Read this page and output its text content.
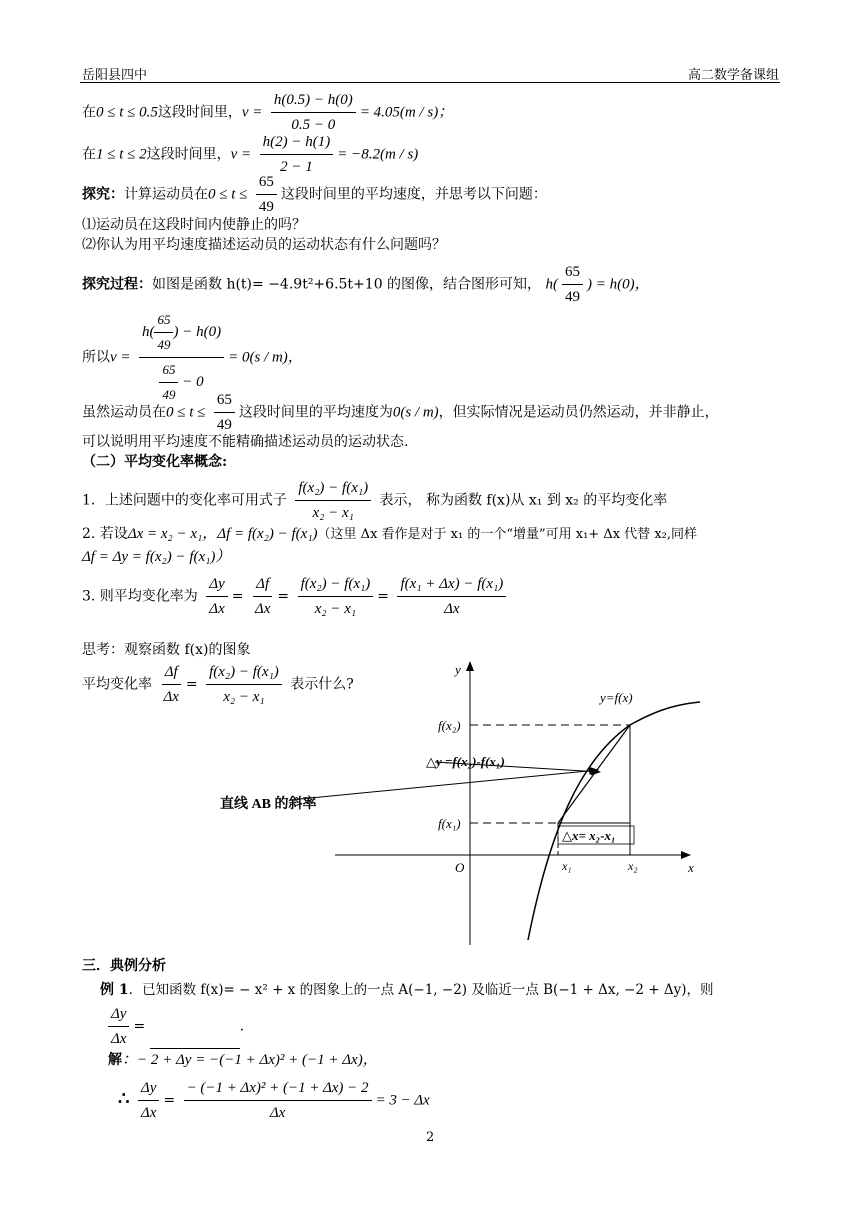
岳阳县四中	高二数学备课组
在0 ≤ t ≤ 0.5这段时间里，$v = \frac{h(0.5) - h(0)}{0.5 - 0} = 4.05(m / s)$；
在1 ≤ t ≤ 2这段时间里，$v = \frac{h(2) - h(1)}{2 - 1} = -8.2(m / s)$
探究：计算运动员在$0 \le t \le \frac{65}{49}$ 这段时间里的平均速度，并思考以下问题：
⑴运动员在这段时间内使静止的吗？
⑵你认为用平均速度描述运动员的运动状态有什么问题吗？
探究过程：如图是函数 h(t)= −4.9t²+6.5t+10 的图像，结合图形可知， $h( \frac{65}{49}$ ) = h(0)，
所以$v = \frac{h( \frac{65}{49} ) - h(0)}{\frac{65}{49} - 0} = 0(s / m)$，
虽然运动员在$0 \le t \le \frac{65}{49}$ 这段时间里的平均速度为0(s / m)，但实际情况是运动员仍然运动，并非静止，
可以说明用平均速度不能精确描述运动员的运动状态.
（二）平均变化率概念:
1．上述问题中的变化率可用式子 $\frac{\text{f(x₂) − f(x₁)}}{\text{x₂ − x₁}}$ 表示， 称为函数 f(x)从 x₁ 到 x₂ 的平均变化率
2. 若设Δx = x₂ − x₁，Δf = f(x₂) − f(x₁)（这里 Δx 看作是对于 x₁ 的一个“增量”可用 x₁+ Δx 代替 x₂,同样
Δf = Δy = f(x₂) − f(x₁)）
3. 则平均变化率为 $\frac{\Delta y}{\Delta x} = \frac{\Delta f}{\Delta x} = \frac{\text{f(x₂) − f(x₁)}}{\text{x₂ − x₁}} = \frac{\text{f(x₁ + Δx) − f(x₁)}}{\Delta x}$
思考：观察函数 f(x)的图象
平均变化率 $\frac{\Delta f}{\Delta x} = \frac{\text{f(x₂) − f(x₁)}}{\text{x₂ − x₁}}$ 表示什么?
y
x
O
y=f(x)
f(x₂)
f(x₁)
x₁	x₂
△y =f(x₂)-f(x₁)
△x= x₂-x₁
直线 AB 的斜率
三．典例分析
例 1．已知函数 f(x)= − x² + x 的图象上的一点 A(−1, −2) 及临近一点 B(−1 + Δx, −2 + Δy)，则
$\frac{\Delta y}{\Delta x}$ =	.
解：− 2 + Δy = −(−1 + Δx)² + (−1 + Δx)，
∴ $\frac{\Delta y}{\Delta x} = \frac{\text{− (−1 + Δx)² + (−1 + Δx) − 2}}{\Delta x} = 3 - \Delta x$
2
